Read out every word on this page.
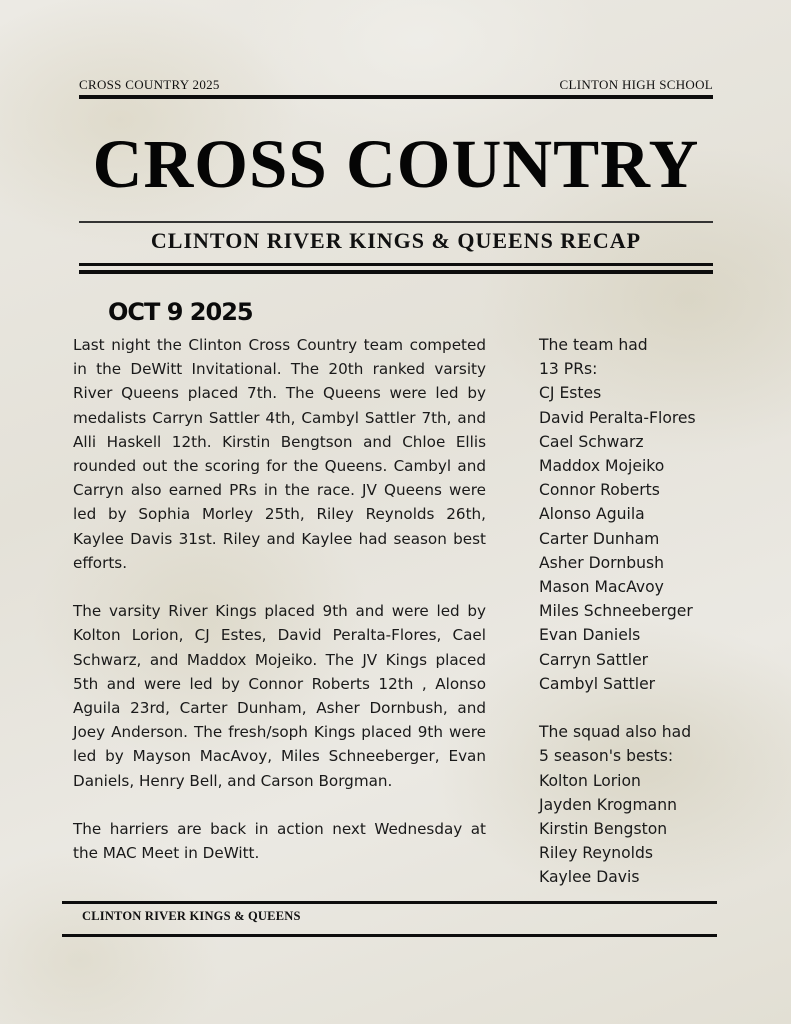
CROSS COUNTRY 2025	CLINTON HIGH SCHOOL
CROSS COUNTRY
CLINTON RIVER KINGS & QUEENS RECAP
OCT 9 2025

Last night the Clinton Cross Country team competed in the DeWitt Invitational. The 20th ranked varsity River Queens placed 7th. The Queens were led by medalists Carryn Sattler 4th, Cambyl Sattler 7th, and Alli Haskell 12th. Kirstin Bengtson and Chloe Ellis rounded out the scoring for the Queens. Cambyl and Carryn also earned PRs in the race. JV Queens were led by Sophia Morley 25th, Riley Reynolds 26th, Kaylee Davis 31st. Riley and Kaylee had season best efforts.

The varsity River Kings placed 9th and were led by Kolton Lorion, CJ Estes, David Peralta-Flores, Cael Schwarz, and Maddox Mojeiko. The JV Kings placed 5th and were led by Connor Roberts 12th , Alonso Aguila 23rd, Carter Dunham, Asher Dornbush, and Joey Anderson. The fresh/soph Kings placed 9th were led by Mayson MacAvoy, Miles Schneeberger, Evan Daniels, Henry Bell, and Carson Borgman.

The harriers are back in action next Wednesday at the MAC Meet in DeWitt.

The team had
13 PRs:
CJ Estes
David Peralta-Flores
Cael Schwarz
Maddox Mojeiko
Connor Roberts
Alonso Aguila
Carter Dunham
Asher Dornbush
Mason MacAvoy
Miles Schneeberger
Evan Daniels
Carryn Sattler
Cambyl Sattler
The squad also had
5 season's bests:
Kolton Lorion
Jayden Krogmann
Kirstin Bengston
Riley Reynolds
Kaylee Davis
CLINTON RIVER KINGS & QUEENS
